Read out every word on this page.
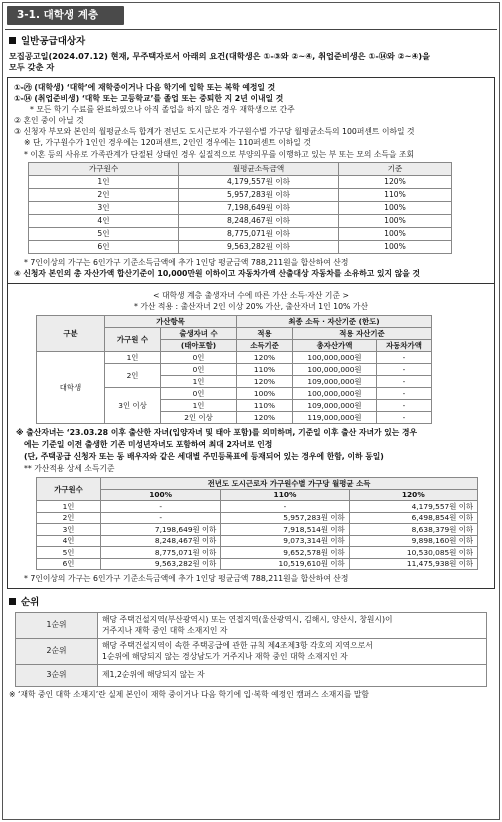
3-1. 대학생 계층
일반공급대상자
모집공고일(2024.07.12) 현재, 무주택자로서 아래의 요건(대학생은 ①-③와 ②~④, 취업준비생은 ①-⑭와 ②~④)을
모두 갖춘 자
①-㉮ (대학생) ‘대학’에 재학중이거나 다음 학기에 입학 또는 복학 예정일 것
①-⑭ (취업준비생) ‘대학 또는 고등학교’를 졸업 또는 중퇴한 지 2년 이내일 것
* 모든 학기 수료를 완료하였으나 아직 졸업을 하지 않은 경우 재학생으로 간주
② 혼인 중이 아닐 것
③ 신청자 부모와 본인의 월평균소득 합계가 전년도 도시근로자 가구원수별 가구당 월평균소득의 100퍼센트 이하일 것
※ 단, 가구원수가 1인인 경우에는 120퍼센트, 2인인 경우에는 110퍼센트 이하일 것
* 이혼 등의 사유로 가족관계가 단절된 상태인 경우 실질적으로 부양의무를 이행하고 있는 부 또는 모의 소득을 조회
가구원수	월평균소득금액	기준
1인	4,179,557원 이하	120%
2인	5,957,283원 이하	110%
3인	7,198,649원 이하	100%
4인	8,248,467원 이하	100%
5인	8,775,071원 이하	100%
6인	9,563,282원 이하	100%
* 7인이상의 가구는 6인가구 기준소득금액에 추가 1인당 평균금액 788,211원을 합산하여 산정
④ 신청자 본인의 총 자산가액 합산기준이 10,000만원 이하이고 자동차가액 산출대상 자동차를 소유하고 있지 않을 것
< 대학생 계층 출생자녀 수에 따른 가산 소득·자산 기준 >
* 가산 적용 : 출산자녀 2인 이상 20% 가산, 출산자녀 1인 10% 가산
구분	가산항목		최종 소득 · 자산기준 (한도)		
	가구원 수	출생자녀 수	적용	적용 자산기준	
		(태아포함)	소득기준	총자산가액	자동차가액
대학생	1인	0인	120%	100,000,000원	-
	2인	0인	110%	100,000,000원	-
		1인	120%	109,000,000원	-
	3인 이상	0인	100%	100,000,000원	-
		1인	110%	109,000,000원	-
		2인 이상	120%	119,000,000원	-
※ 출산자녀는 ‘23.03.28 이후 출산한 자녀(입양자녀 및 태아 포함)를 의미하며, 기준일 이후 출산 자녀가 있는 경우
에는 기준일 이전 출생한 기존 미성년자녀도 포함하여 최대 2자녀로 인정
(단, 주택공급 신청자 또는 동 배우자와 같은 세대별 주민등록표에 등재되어 있는 경우에 한함, 이하 동일)
** 가산적용 상세 소득기준
가구원수	전년도 도시근로자 가구원수별 가구당 월평균 소득		
	100%	110%	120%
1인	-	-	4,179,557원 이하
2인	-	5,957,283원 이하	6,498,854원 이하
3인	7,198,649원 이하	7,918,514원 이하	8,638,379원 이하
4인	8,248,467원 이하	9,073,314원 이하	9,898,160원 이하
5인	8,775,071원 이하	9,652,578원 이하	10,530,085원 이하
6인	9,563,282원 이하	10,519,610원 이하	11,475,938원 이하
* 7인이상의 가구는 6인가구 기준소득금액에 추가 1인당 평균금액 788,211원을 합산하여 산정
순위
1순위	해당 주택건설지역(부산광역시) 또는 연접지역(울산광역시, 김해시, 양산시, 창원시)이
거주지나 재학 중인 대학 소재지인 자

2순위	해당 주택건설지역이 속한 주택공급에 관한 규칙 제4조제3항 각호의 지역으로서
1순위에 해당되지 않는 경상남도가 거주지나 재학 중인 대학 소재지인 자

3순위	제1,2순위에 해당되지 않는 자
※ ‘재학 중인 대학 소재지’란 실제 본인이 재학 중이거나 다음 학기에 입·복학 예정인 캠퍼스 소재지를 말함
